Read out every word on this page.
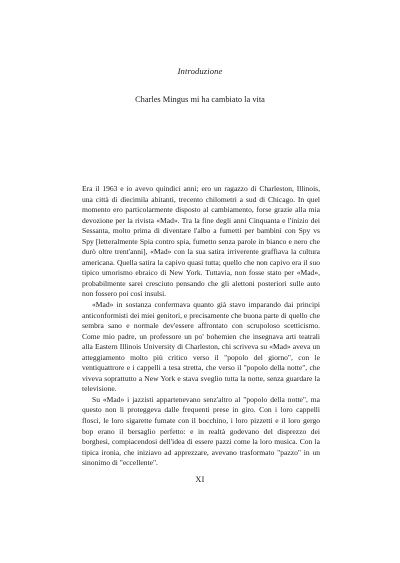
Introduzione
Charles Mingus mi ha cambiato la vita

Era il 1963 e io avevo quindici anni; ero un ragazzo di Charleston, Illinois, una città di diecimila abitanti, trecento chilometri a sud di Chicago. In quel momento ero particolarmente disposto al cambiamento, forse grazie alla mia devozione per la rivista «Mad». Tra la fine degli anni Cinquanta e l'inizio dei Sessanta, molto prima di diventare l'albo a fumetti per bambini con Spy vs Spy [letteralmente Spia contro spia, fumetto senza parole in bianco e nero che durò oltre trent'anni], «Mad» con la sua satira irriverente graffiava la cultura americana. Quella satira la capivo quasi tutta; quello che non capivo era il suo tipico umorismo ebraico di New York. Tuttavia, non fosse stato per «Mad», probabilmente sarei cresciuto pensando che gli alettoni posteriori sulle auto non fossero poi così insulsi.

«Mad» in sostanza confermava quanto già stavo imparando dai principi anticonformisti dei miei genitori, e precisamente che buona parte di quello che sembra sano e normale dev'essere affrontato con scrupoloso scetticismo. Come mio padre, un professore un po' bohemien che insegnava arti teatrali alla Eastern Illinois University di Charleston, chi scriveva su «Mad» aveva un atteggiamento molto più critico verso il "popolo del giorno", con le ventiquattrore e i cappelli a tesa stretta, che verso il "popolo della notte", che viveva soprattutto a New York e stava sveglio tutta la notte, senza guardare la televisione.

Su «Mad» i jazzisti appartenevano senz'altro al "popolo della notte", ma questo non li proteggeva dalle frequenti prese in giro. Con i loro cappelli flosci, le loro sigarette fumate con il bocchino, i loro pizzetti e il loro gergo bop erano il bersaglio perfetto: e in realtà godevano del disprezzo dei borghesi, compiacendosi dell'idea di essere pazzi come la loro musica. Con la tipica ironia, che iniziavo ad apprezzare, avevano trasformato "pazzo" in un sinonimo di "eccellente".

XI
